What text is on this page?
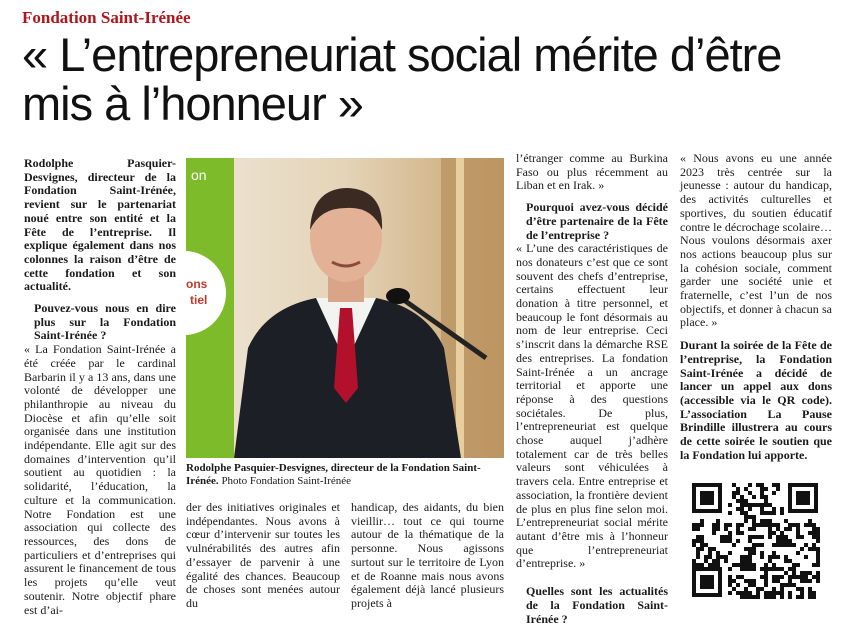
Fondation Saint-Irénée
« L’entrepreneuriat social mérite d’être mis à l’honneur »

Rodolphe Pasquier-Desvignes, directeur de la Fondation Saint-Irénée, revient sur le partenariat noué entre son entité et la Fête de l’entreprise. Il explique également dans nos colonnes la raison d’être de cette fondation et son actualité.

Pouvez-vous nous en dire plus sur la Fondation Saint-Irénée ?

« La Fondation Saint-Irénée a été créée par le cardinal Barbarin il y a 13 ans, dans une volonté de développer une philanthropie au niveau du Diocèse et afin qu’elle soit organisée dans une institution indépendante. Elle agit sur des domaines d’intervention qu’il soutient au quotidien : la solidarité, l’éducation, la culture et la communication. Notre Fondation est une association qui collecte des ressources, des dons de particuliers et d’entreprises qui assurent le financement de tous les projets qu’elle veut soutenir. Notre objectif phare est d’ai-

on
ons
tiel
Rodolphe Pasquier-Desvignes, directeur de la Fondation Saint-Irénée. Photo Fondation Saint-Irénée

der des initiatives originales et indépendantes. Nous avons à cœur d’intervenir sur toutes les vulnérabilités des autres afin d’essayer de parvenir à une égalité des chances. Beaucoup de choses sont menées autour du

handicap, des aidants, du bien vieillir… tout ce qui tourne autour de la thématique de la personne. Nous agissons surtout sur le territoire de Lyon et de Roanne mais nous avons également déjà lancé plusieurs projets à

l’étranger comme au Burkina Faso ou plus récemment au Liban et en Irak. »

Pourquoi avez-vous décidé d’être partenaire de la Fête de l’entreprise ?

« L’une des caractéristiques de nos donateurs c’est que ce sont souvent des chefs d’entreprise, certains effectuent leur donation à titre personnel, et beaucoup le font désormais au nom de leur entreprise. Ceci s’inscrit dans la démarche RSE des entreprises. La fondation Saint-Irénée a un ancrage territorial et apporte une réponse à des questions sociétales. De plus, l’entrepreneuriat est quelque chose auquel j’adhère totalement car de très belles valeurs sont véhiculées à travers cela. Entre entreprise et association, la frontière devient de plus en plus fine selon moi. L’entrepreneuriat social mérite autant d’être mis à l’honneur que l’entrepreneuriat d’entreprise. »

Quelles sont les actualités de la Fondation Saint-Irénée ?

« Nous avons eu une année 2023 très centrée sur la jeunesse : autour du handicap, des activités culturelles et sportives, du soutien éducatif contre le décrochage scolaire… Nous voulons désormais axer nos actions beaucoup plus sur la cohésion sociale, comment garder une société unie et fraternelle, c’est l’un de nos objectifs, et donner à chacun sa place. »

Durant la soirée de la Fête de l’entreprise, la Fondation Saint-Irénée a décidé de lancer un appel aux dons (accessible via le QR code). L’association La Pause Brindille illustrera au cours de cette soirée le soutien que la Fondation lui apporte.
